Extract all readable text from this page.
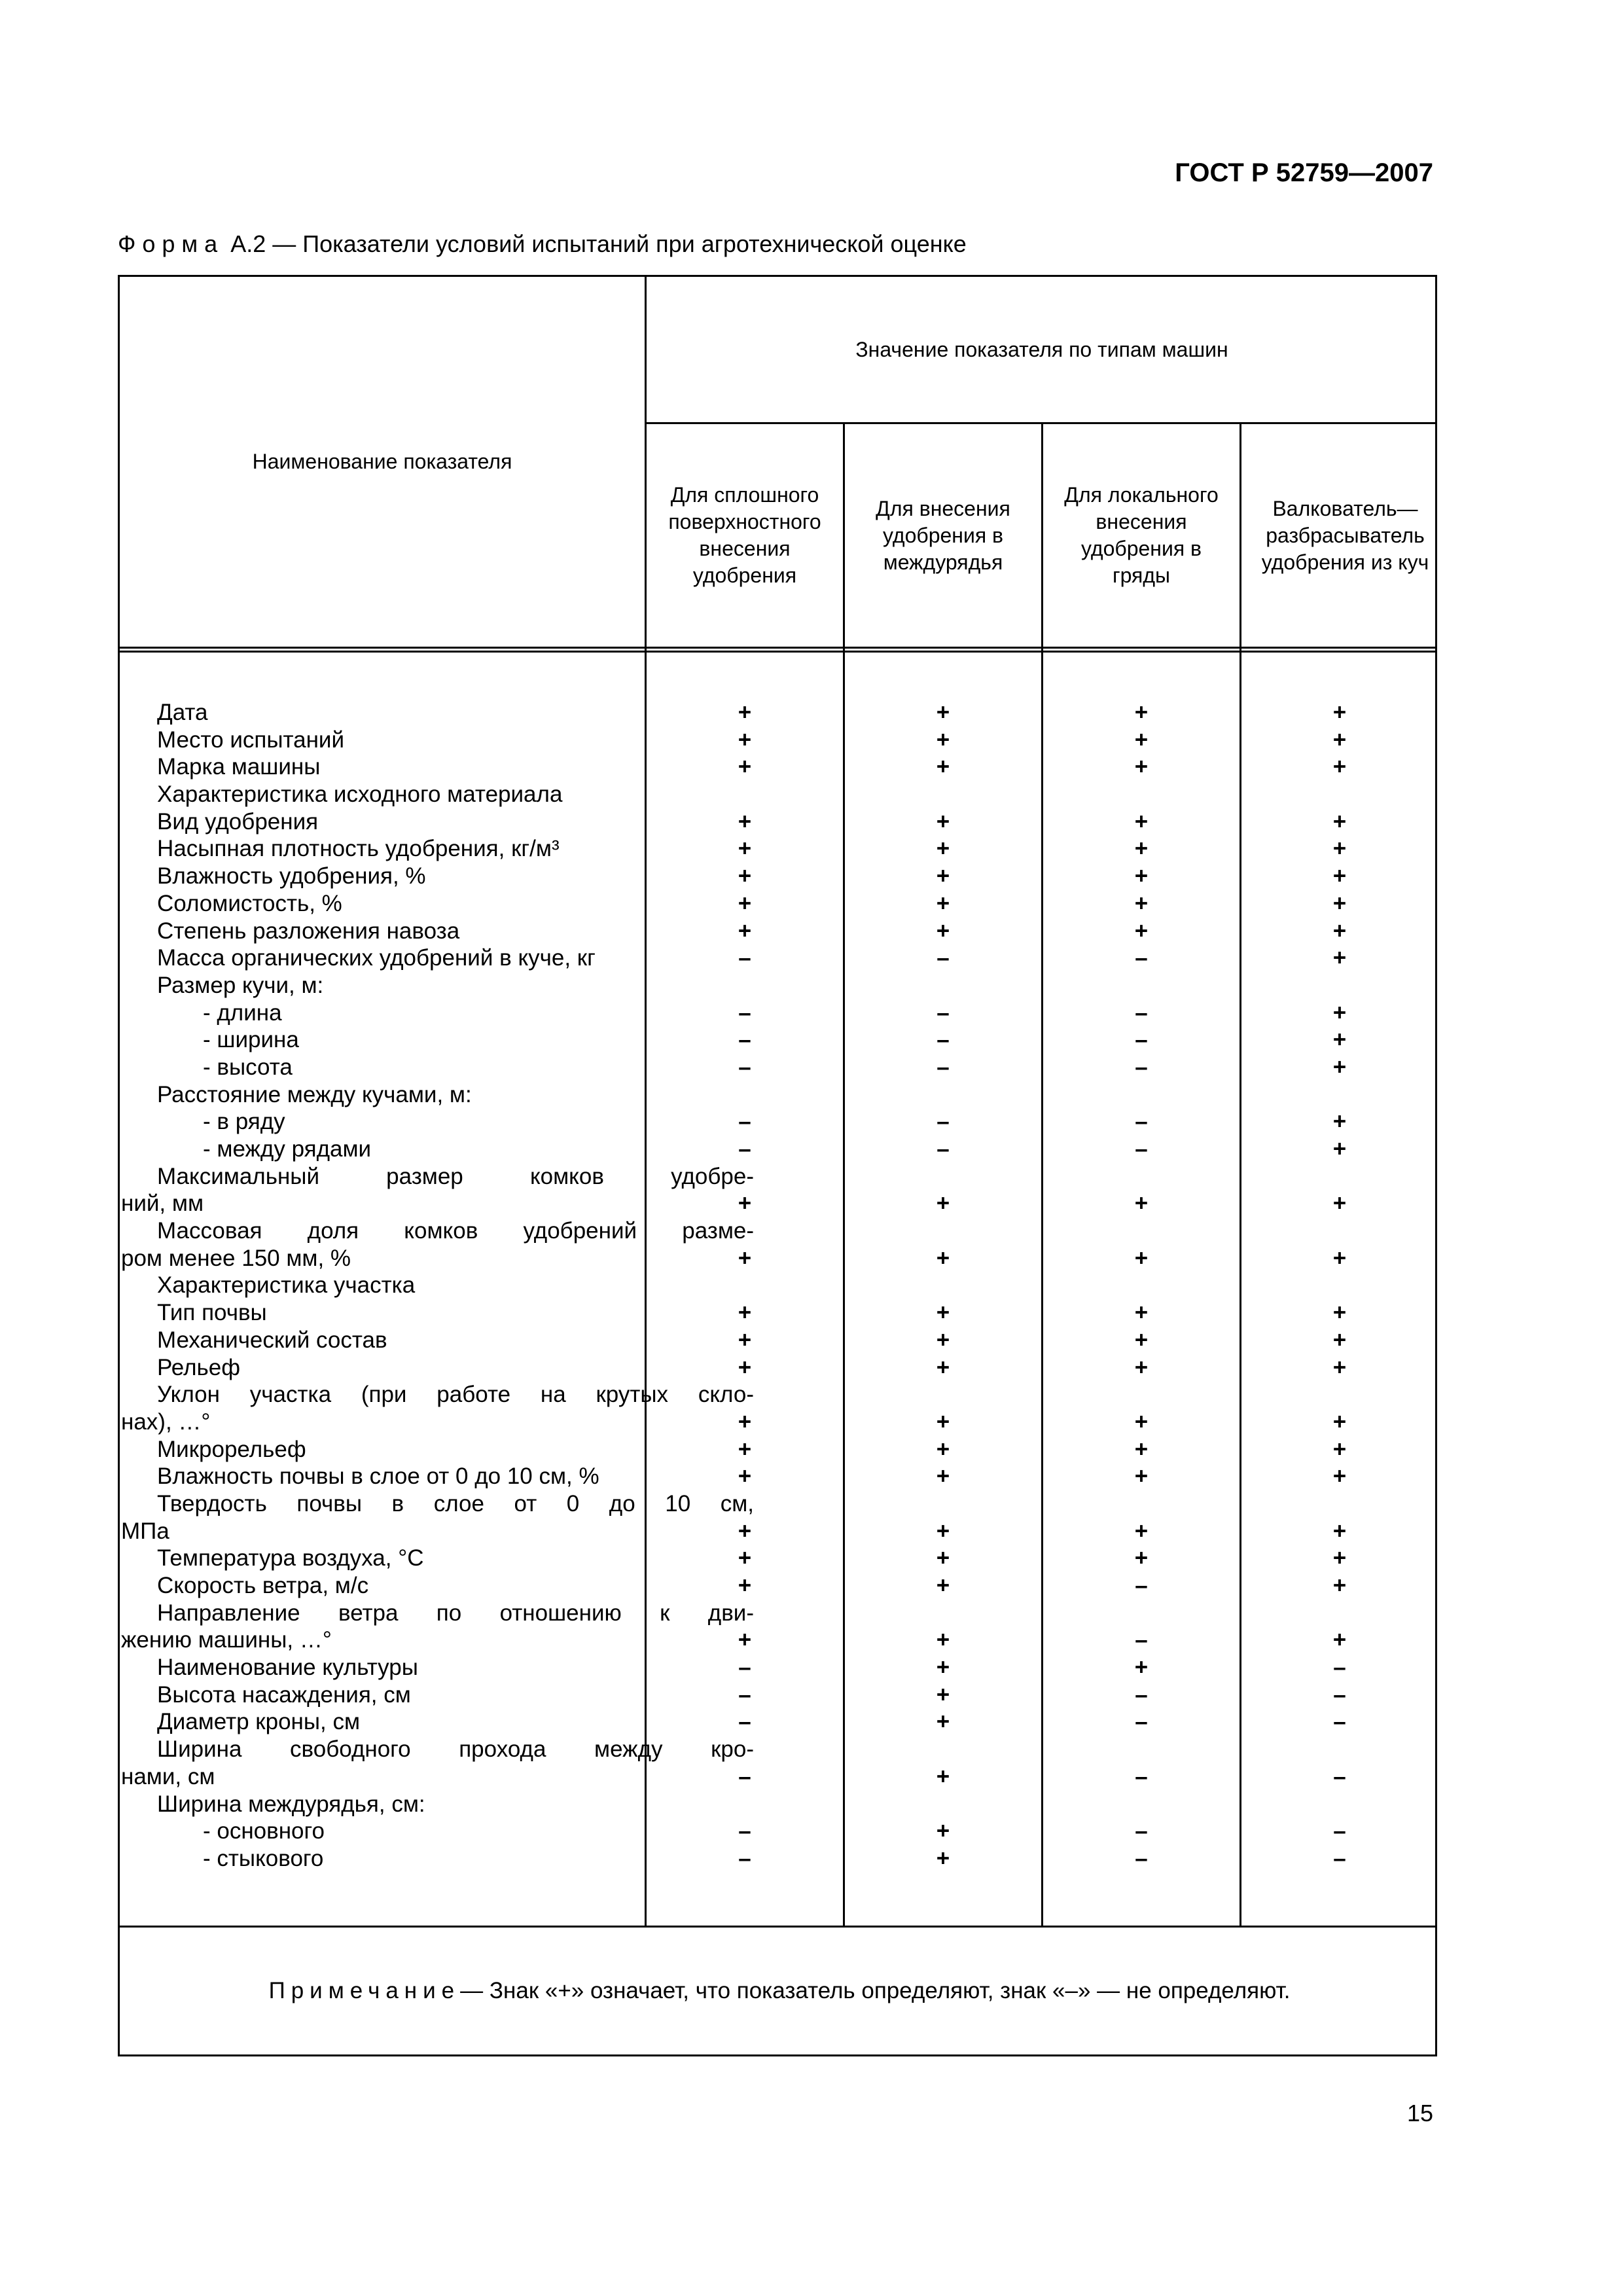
ГОСТ Р 52759—2007
Форма А.2 — Показатели условий испытаний при агротехнической оценке
Наименование показателя
Значение показателя по типам машин
Для сплошного поверхностного внесения удобрения
Для внесения удобрения в междурядья
Для локального внесения удобрения в гряды
Валкователь—разбрасыватель удобрения из куч
Дата	+	+	+	+
Место испытаний	+	+	+	+
Марка машины	+	+	+	+
Характеристика исходного материала
Вид удобрения	+	+	+	+
Насыпная плотность удобрения, кг/м³	+	+	+	+
Влажность удобрения, %	+	+	+	+
Соломистость, %	+	+	+	+
Степень разложения навоза	+	+	+	+
Масса органических удобрений в куче, кг	–	–	–	+
Размер кучи, м:
- длина	–	–	–	+
- ширина	–	–	–	+
- высота	–	–	–	+
Расстояние между кучами, м:
- в ряду	–	–	–	+
- между рядами	–	–	–	+
Максимальный размер комков удобре-
ний, мм	+	+	+	+
Массовая доля комков удобрений разме-
ром менее 150 мм, %	+	+	+	+
Характеристика участка
Тип почвы	+	+	+	+
Механический состав	+	+	+	+
Рельеф	+	+	+	+
Уклон участка (при работе на крутых скло-
нах), …°	+	+	+	+
Микрорельеф	+	+	+	+
Влажность почвы в слое от 0 до 10 см, %	+	+	+	+
Твердость почвы в слое от 0 до 10 см,
МПа	+	+	+	+
Температура воздуха, °С	+	+	+	+
Скорость ветра, м/с	+	+	–	+
Направление ветра по отношению к дви-
жению машины, …°	+	+	–	+
Наименование культуры	–	+	+	–
Высота насаждения, см	–	+	–	–
Диаметр кроны, см	–	+	–	–
Ширина свободного прохода между кро-
нами, см	–	+	–	–
Ширина междурядья, см:
- основного	–	+	–	–
- стыкового	–	+	–	–
Примечание — Знак «+» означает, что показатель определяют, знак «–» — не определяют.
15
